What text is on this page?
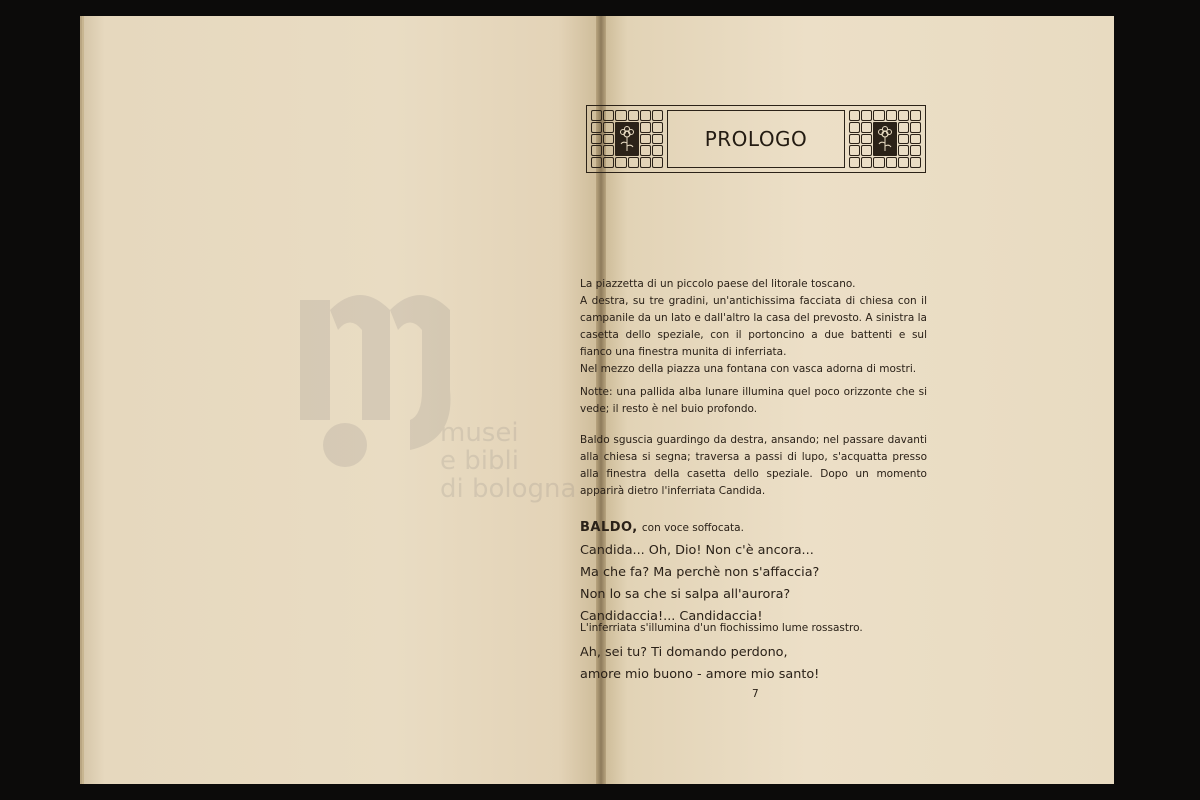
PROLOGO
La piazzetta di un piccolo paese del litorale toscano.
A destra, su tre gradini, un'antichissima facciata di chiesa con il campanile da un lato e dall'altro la casa del prevosto. A sinistra la casetta dello speziale, con il portoncino a due battenti e sul fianco una finestra munita di inferriata.
Nel mezzo della piazza una fontana con vasca adorna di mostri.
Notte: una pallida alba lunare illumina quel poco orizzonte che si vede; il resto è nel buio profondo.
Baldo sguscia guardingo da destra, ansando; nel passare davanti alla chiesa si segna; traversa a passi di lupo, s'acquatta presso alla finestra della casetta dello speziale. Dopo un momento apparirà dietro l'inferriata Candida.
BALDO, con voce soffocata.
Candida... Oh, Dio! Non c'è ancora...
Ma che fa? Ma perchè non s'affaccia?
Non lo sa che si salpa all'aurora?
Candidaccia!... Candidaccia!
L'inferriata s'illumina d'un fiochissimo lume rossastro.
Ah, sei tu? Ti domando perdono,
amore mio buono - amore mio santo!
7
